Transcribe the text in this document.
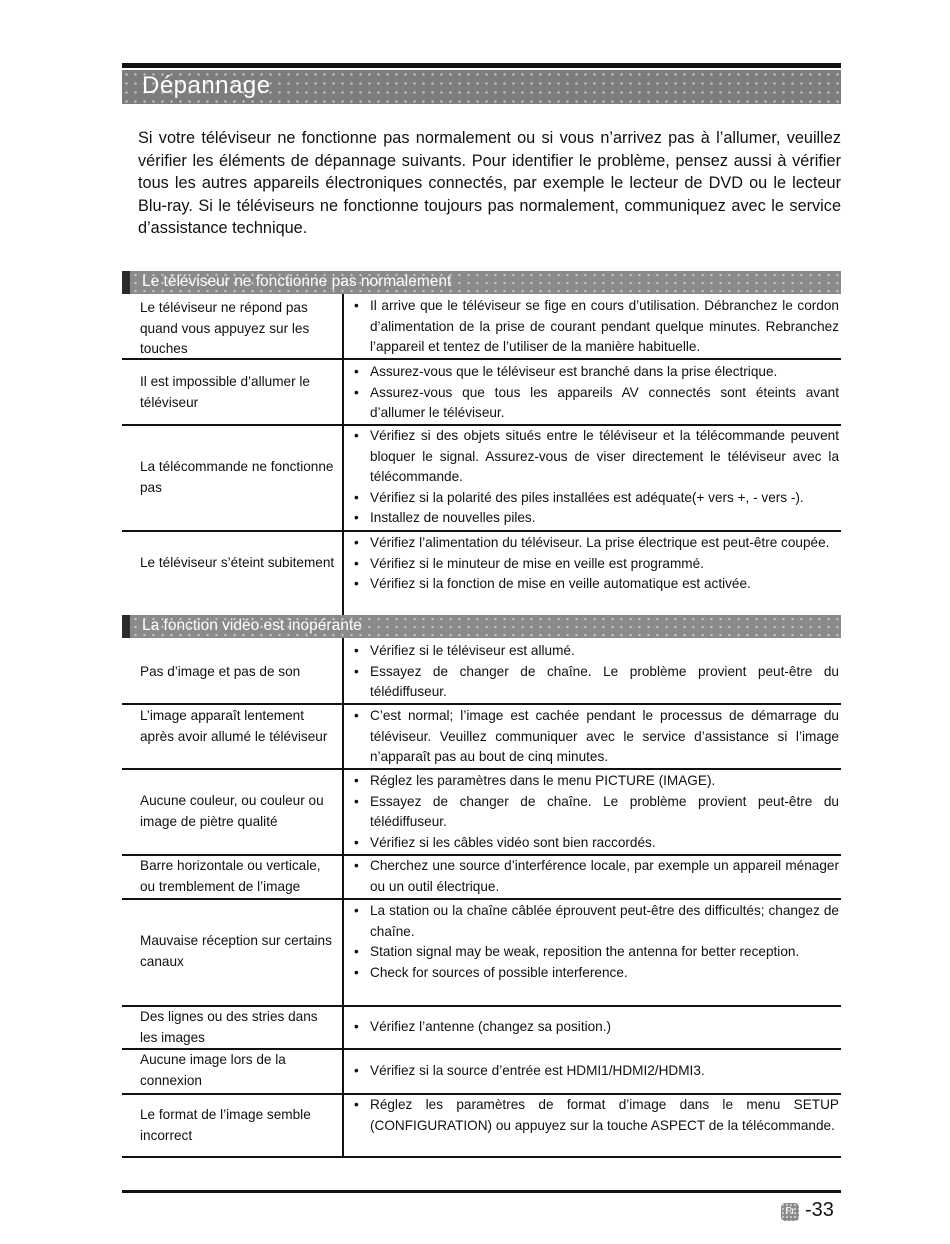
Dépannage

Si votre téléviseur ne fonctionne pas normalement ou si vous n’arrivez pas à l’allumer, veuillez vérifier les éléments de dépannage suivants. Pour identifier le problème, pensez aussi à vérifier tous les autres appareils électroniques connectés, par exemple le lecteur de DVD ou le lecteur Blu-ray. Si le téléviseurs ne fonctionne toujours pas normalement, communiquez avec le service d’assistance technique.

Le téléviseur ne fonctionne pas normalement
Le téléviseur ne répond pas quand vous appuyez sur les touches
• Il arrive que le téléviseur se fige en cours d’utilisation. Débranchez le cordon d’alimentation de la prise de courant pendant quelque minutes. Rebranchez l’appareil et tentez de l’utiliser de la manière habituelle.
Il est impossible d’allumer le téléviseur
• Assurez-vous que le téléviseur est branché dans la prise électrique.
• Assurez-vous que tous les appareils AV connectés sont éteints avant d’allumer le téléviseur.
La télécommande ne fonctionne pas
• Vérifiez si des objets situés entre le téléviseur et la télécommande peuvent bloquer le signal. Assurez-vous de viser directement le téléviseur avec la télécommande.
• Vérifiez si la polarité des piles installées est adéquate(+ vers +, - vers -).
• Installez de nouvelles piles.
Le téléviseur s’éteint subitement
• Vérifiez l’alimentation du téléviseur. La prise électrique est peut-être coupée.
• Vérifiez si le minuteur de mise en veille est programmé.
• Vérifiez si la fonction de mise en veille automatique est activée.
La fonction vidéo est inopérante
Pas d’image et pas de son
• Vérifiez si le téléviseur est allumé.
• Essayez de changer de chaîne. Le problème provient peut-être du télédiffuseur.
L’image apparaît lentement après avoir allumé le téléviseur
• C’est normal; l’image est cachée pendant le processus de démarrage du téléviseur. Veuillez communiquer avec le service d’assistance si l’image n’apparaît pas au bout de cinq minutes.
Aucune couleur, ou couleur ou image de piètre qualité
• Réglez les paramètres dans le menu PICTURE (IMAGE).
• Essayez de changer de chaîne. Le problème provient peut-être du télédiffuseur.
• Vérifiez si les câbles vidéo sont bien raccordés.
Barre horizontale ou verticale, ou tremblement de l’image
• Cherchez une source d’interférence locale, par exemple un appareil ménager ou un outil électrique.
Mauvaise réception sur certains canaux
• La station ou la chaîne câblée éprouvent peut-être des difficultés; changez de chaîne.
• Station signal may be weak, reposition the antenna for better reception.
• Check for sources of possible interference.
Des lignes ou des stries dans les images
• Vérifiez l’antenne (changez sa position.)
Aucune image lors de la connexion
• Vérifiez si la source d’entrée est HDMI1/HDMI2/HDMI3.
Le format de l’image semble incorrect
• Réglez les paramètres de format d’image dans le menu SETUP (CONFIGURATION) ou appuyez sur la touche ASPECT de la télécommande.
Fr -33
